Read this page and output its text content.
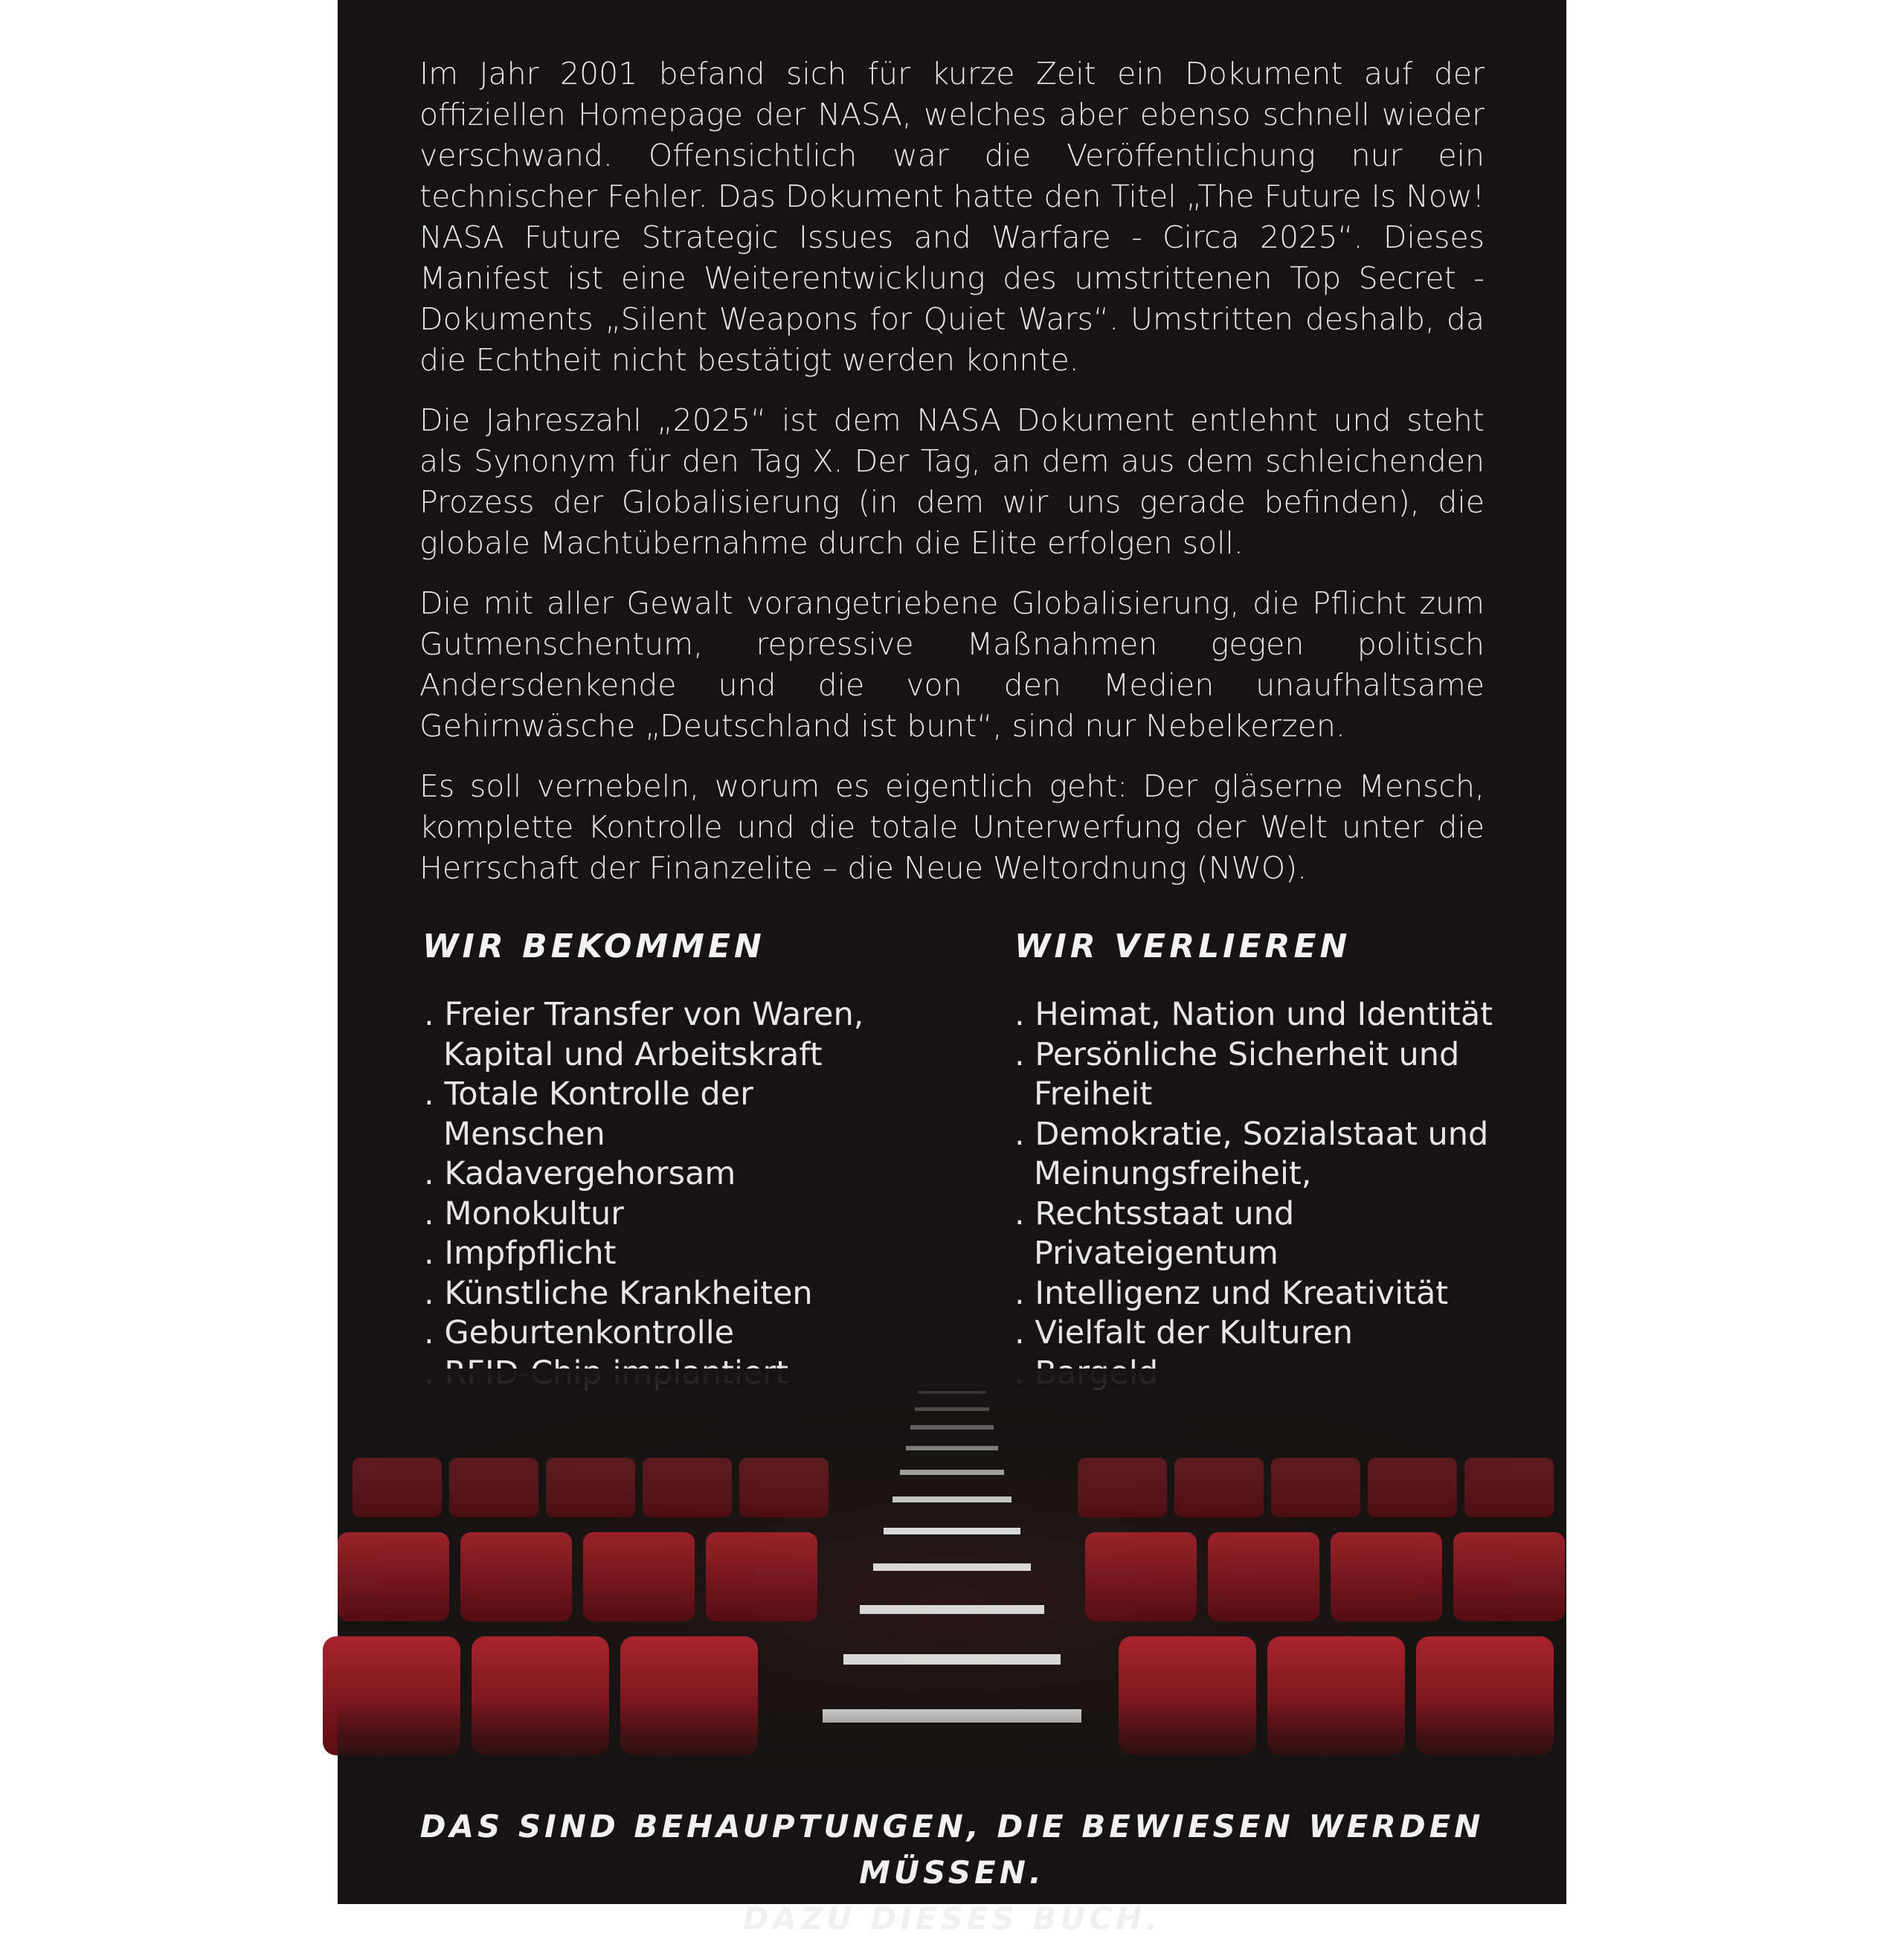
Im Jahr 2001 befand sich für kurze Zeit ein Dokument auf der offiziellen Homepage der NASA, welches aber ebenso schnell wieder verschwand. Offensichtlich war die Veröffentlichung nur ein technischer Fehler. Das Dokument hatte den Titel „The Future Is Now! NASA Future Strategic Issues and Warfare - Circa 2025“. Dieses Manifest ist eine Weiterentwicklung des umstrittenen Top Secret - Dokuments „Silent Weapons for Quiet Wars“. Umstritten deshalb, da die Echtheit nicht bestätigt werden konnte.

Die Jahreszahl „2025“ ist dem NASA Dokument entlehnt und steht als Synonym für den Tag X. Der Tag, an dem aus dem schleichenden Prozess der Globalisierung (in dem wir uns gerade befinden), die globale Machtübernahme durch die Elite erfolgen soll.

Die mit aller Gewalt vorangetriebene Globalisierung, die Pflicht zum Gutmenschentum, repressive Maßnahmen gegen politisch Andersdenkende und die von den Medien unaufhaltsame Gehirnwäsche „Deutschland ist bunt“, sind nur Nebelkerzen.

Es soll vernebeln, worum es eigentlich geht: Der gläserne Mensch, komplette Kontrolle und die totale Unterwerfung der Welt unter die Herrschaft der Finanzelite – die Neue Weltordnung (NWO).

WIR BEKOMMEN	WIR VERLIEREN
. Freier Transfer von Waren, Kapital und Arbeitskraft
. Totale Kontrolle der Menschen
. Kadavergehorsam
. Monokultur
. Impfpflicht
. Künstliche Krankheiten
. Geburtenkontrolle
.
. Heimat, Nation und Identität
. Persönliche Sicherheit und Freiheit
. Demokratie, Sozialstaat und Meinungsfreiheit,
. Rechtsstaat und Privateigentum
. Intelligenz und Kreativität
. Vielfalt der Kulturen
.
DAS SIND BEHAUPTUNGEN, DIE BEWIESEN WERDEN MÜSSEN.
DAZU DIESES BUCH.
